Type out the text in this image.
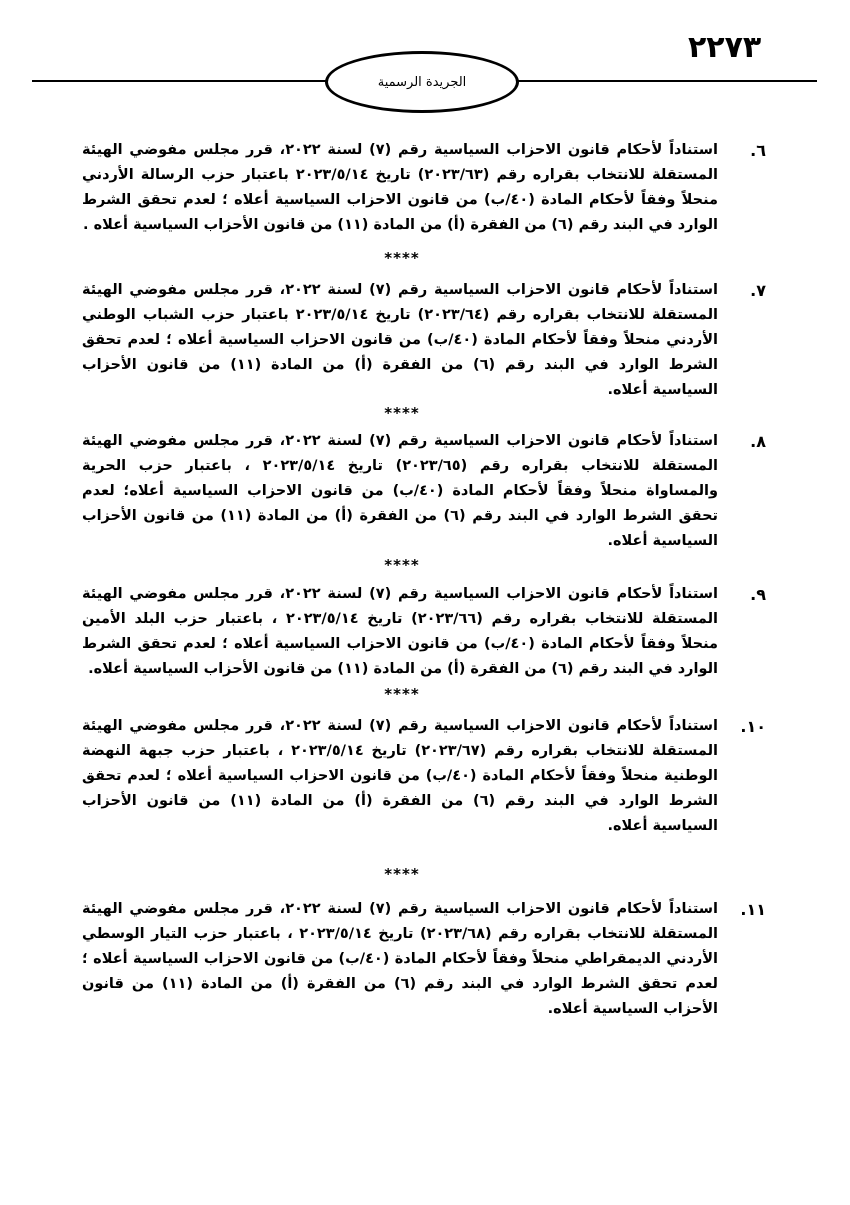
٢٢٧٣
الجريدة الرسمية
٦.
استناداً لأحكام قانون الاحزاب السياسية رقم (٧) لسنة ٢٠٢٢، قرر مجلس مفوضي الهيئة المستقلة للانتخاب بقراره رقم (٢٠٢٣/٦٣) تاريخ ٢٠٢٣/٥/١٤ باعتبار حزب الرسالة الأردني منحلاً وفقاً لأحكام المادة (٤٠/ب) من قانون الاحزاب السياسية أعلاه ؛ لعدم تحقق الشرط الوارد في البند رقم (٦) من الفقرة (أ) من المادة (١١) من قانون الأحزاب السياسية أعلاه .
****
٧.
استناداً لأحكام قانون الاحزاب السياسية رقم (٧) لسنة ٢٠٢٢، قرر مجلس مفوضي الهيئة المستقلة للانتخاب بقراره رقم (٢٠٢٣/٦٤) تاريخ ٢٠٢٣/٥/١٤ باعتبار حزب الشباب الوطني الأردني منحلاً وفقاً لأحكام المادة (٤٠/ب) من قانون الاحزاب السياسية أعلاه ؛ لعدم تحقق الشرط الوارد في البند رقم (٦) من الفقرة (أ) من المادة (١١) من قانون الأحزاب السياسية أعلاه.
****
٨.
استناداً لأحكام قانون الاحزاب السياسية رقم (٧) لسنة ٢٠٢٢، قرر مجلس مفوضي الهيئة المستقلة للانتخاب بقراره رقم (٢٠٢٣/٦٥) تاريخ ٢٠٢٣/٥/١٤ ، باعتبار حزب الحرية والمساواة منحلاً وفقاً لأحكام المادة (٤٠/ب) من قانون الاحزاب السياسية أعلاه؛ لعدم تحقق الشرط الوارد في البند رقم (٦) من الفقرة (أ) من المادة (١١) من قانون الأحزاب السياسية أعلاه.
****
٩.
استناداً لأحكام قانون الاحزاب السياسية رقم (٧) لسنة ٢٠٢٢، قرر مجلس مفوضي الهيئة المستقلة للانتخاب بقراره رقم (٢٠٢٣/٦٦) تاريخ ٢٠٢٣/٥/١٤ ، باعتبار حزب البلد الأمين منحلاً وفقاً لأحكام المادة (٤٠/ب) من قانون الاحزاب السياسية أعلاه ؛ لعدم تحقق الشرط الوارد في البند رقم (٦) من الفقرة (أ) من المادة (١١) من قانون الأحزاب السياسية أعلاه.
****
١٠.
استناداً لأحكام قانون الاحزاب السياسية رقم (٧) لسنة ٢٠٢٢، قرر مجلس مفوضي الهيئة المستقلة للانتخاب بقراره رقم (٢٠٢٣/٦٧) تاريخ ٢٠٢٣/٥/١٤ ، باعتبار حزب جبهة النهضة الوطنية منحلاً وفقاً لأحكام المادة (٤٠/ب) من قانون الاحزاب السياسية أعلاه ؛ لعدم تحقق الشرط الوارد في البند رقم (٦) من الفقرة (أ) من المادة (١١) من قانون الأحزاب السياسية أعلاه.
****
١١.
استناداً لأحكام قانون الاحزاب السياسية رقم (٧) لسنة ٢٠٢٢، قرر مجلس مفوضي الهيئة المستقلة للانتخاب بقراره رقم (٢٠٢٣/٦٨) تاريخ ٢٠٢٣/٥/١٤ ، باعتبار حزب التيار الوسطي الأردني الديمقراطي منحلاً وفقاً لأحكام المادة (٤٠/ب) من قانون الاحزاب السياسية أعلاه ؛ لعدم تحقق الشرط الوارد في البند رقم (٦) من الفقرة (أ) من المادة (١١) من قانون الأحزاب السياسية أعلاه.
